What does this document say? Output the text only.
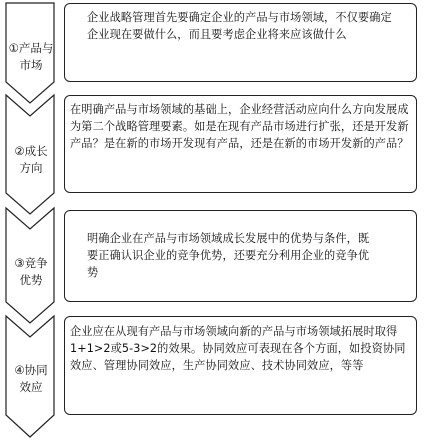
①产品与
市场
②成长
方向
③竞争
优势
④协同
效应
企业战略管理首先要确定企业的产品与市场领域，不仅要确定企业现在要做什么，而且要考虑企业将来应该做什么
在明确产品与市场领域的基础上，企业经营活动应向什么方向发展成为第二个战略管理要素。如是在现有产品市场进行扩张，还是开发新产品？是在新的市场开发现有产品，还是在新的市场开发新的产品？
明确企业在产品与市场领域成长发展中的优势与条件，既要正确认识企业的竞争优势，还要充分利用企业的竞争优势
企业应在从现有产品与市场领域向新的产品与市场领域拓展时取得1+1>2或5-3>2的效果。协同效应可表现在各个方面，如投资协同效应、管理协同效应，生产协同效应、技术协同效应，等等
